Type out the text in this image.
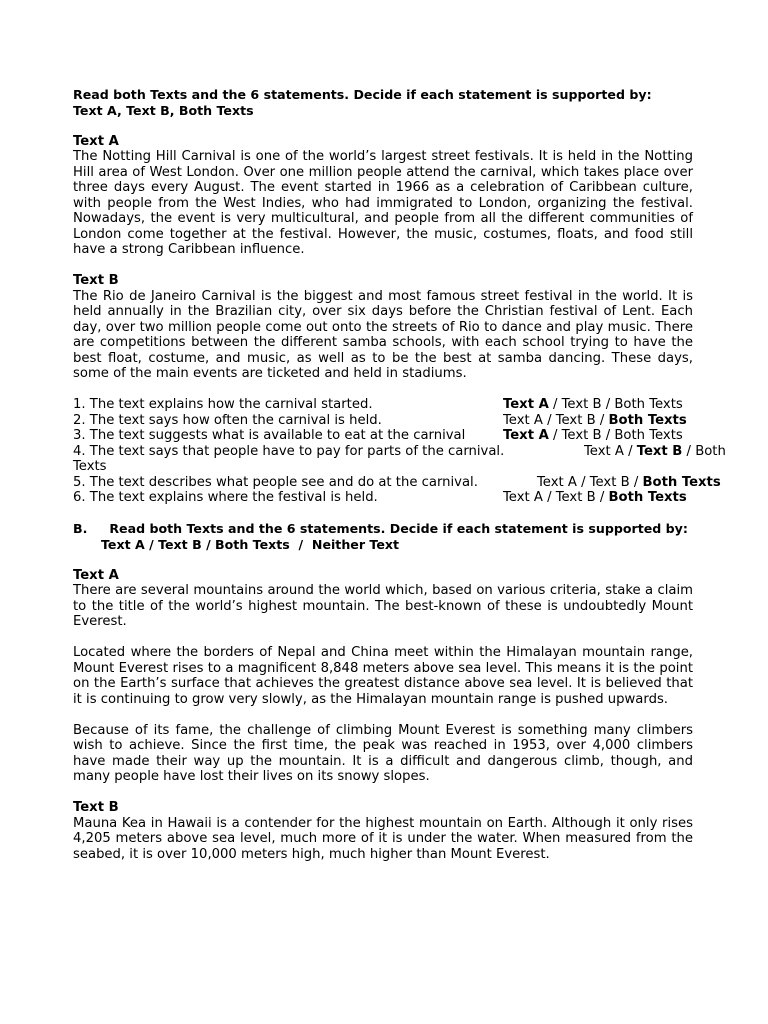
Read both Texts and the 6 statements. Decide if each statement is supported by:
Text A, Text B, Both Texts

Text A

The Notting Hill Carnival is one of the world’s largest street festivals. It is held in the Notting Hill area of West London. Over one million people attend the carnival, which takes place over three days every August. The event started in 1966 as a celebration of Caribbean culture, with people from the West Indies, who had immigrated to London, organizing the festival. Nowadays, the event is very multicultural, and people from all the different communities of London come together at the festival. However, the music, costumes, floats, and food still have a strong Caribbean influence.

Text B

The Rio de Janeiro Carnival is the biggest and most famous street festival in the world. It is held annually in the Brazilian city, over six days before the Christian festival of Lent. Each day, over two million people come out onto the streets of Rio to dance and play music. There are competitions between the different samba schools, with each school trying to have the best float, costume, and music, as well as to be the best at samba dancing. These days, some of the main events are ticketed and held in stadiums.

1. The text explains how the carnival started.	Text A / Text B / Both Texts
2. The text says how often the carnival is held.	Text A / Text B / Both Texts
3. The text suggests what is available to eat at the carnival	Text A / Text B / Both Texts
4. The text says that people have to pay for parts of the carnival.	Text A / Text B / Both
Texts
5. The text describes what people see and do at the carnival.	Text A / Text B / Both Texts
6. The text explains where the festival is held.	Text A / Text B / Both Texts

B. Read both Texts and the 6 statements. Decide if each statement is supported by:

Text A / Text B / Both Texts  /  Neither Text

Text A

There are several mountains around the world which, based on various criteria, stake a claim to the title of the world’s highest mountain. The best-known of these is undoubtedly Mount Everest.

Located where the borders of Nepal and China meet within the Himalayan mountain range, Mount Everest rises to a magnificent 8,848 meters above sea level. This means it is the point on the Earth’s surface that achieves the greatest distance above sea level. It is believed that it is continuing to grow very slowly, as the Himalayan mountain range is pushed upwards.

Because of its fame, the challenge of climbing Mount Everest is something many climbers wish to achieve. Since the first time, the peak was reached in 1953, over 4,000 climbers have made their way up the mountain. It is a difficult and dangerous climb, though, and many people have lost their lives on its snowy slopes.

Text B

Mauna Kea in Hawaii is a contender for the highest mountain on Earth. Although it only rises 4,205 meters above sea level, much more of it is under the water. When measured from the seabed, it is over 10,000 meters high, much higher than Mount Everest.
